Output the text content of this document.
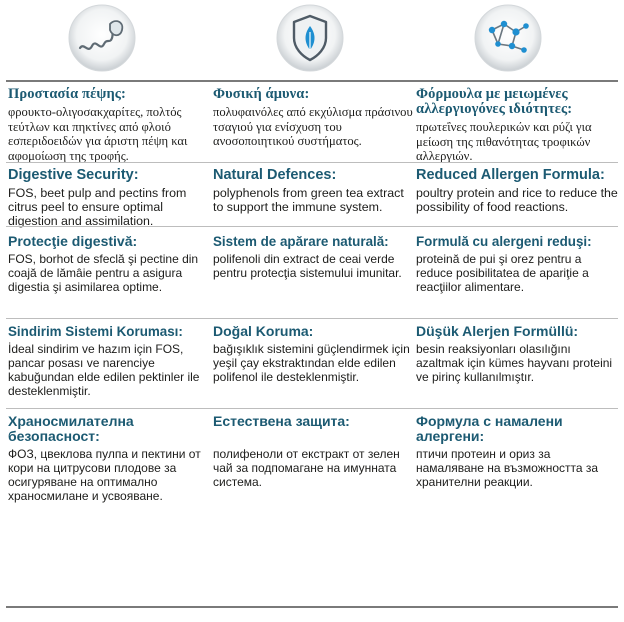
Προστασία πέψης:

φρουκτο-ολιγοσακχαρίτες, πολτός τεύτλων και πηκτίνες από φλοιό εσπεριδοειδών για άριστη πέψη και αφομοίωση της τροφής.

Φυσική άμυνα:

πολυφαινόλες από εκχύλισμα πράσινου τσαγιού για ενίσχυση του ανοσοποιητικού συστήματος.

Φόρμουλα με μειωμένες αλλεργιογόνες ιδιότητες:

πρωτεΐνες πουλερικών και ρύζι για μείωση της πιθανότητας τροφικών αλλεργιών.

Digestive Security:

FOS, beet pulp and pectins from citrus peel to ensure optimal digestion and assimilation.

Natural Defences:

polyphenols from green tea extract to support the immune system.

Reduced Allergen Formula:

poultry protein and rice to reduce the possibility of food reactions.

Protecţie digestivă:

FOS, borhot de sfeclă şi pectine din coajă de lămâie pentru a asigura digestia şi asimilarea optime.

Sistem de apărare naturală:

polifenoli din extract de ceai verde pentru protecţia sistemului imunitar.

Formulă cu alergeni reduşi:

proteină de pui şi orez pentru a reduce posibilitatea de apariţie a reacţiilor alimentare.

Sindirim Sistemi Koruması:

İdeal sindirim ve hazım için FOS, pancar posası ve narenciye kabuğundan elde edilen pektinler ile desteklenmiştir.

Doğal Koruma:

bağışıklık sistemini güçlendirmek için yeşil çay ekstraktından elde edilen polifenol ile desteklenmiştir.

Düşük Alerjen Formüllü:

besin reaksiyonları olasılığını azaltmak için kümes hayvanı proteini ve pirinç kullanılmıştır.

Храносмилателна безопасност:

ФОЗ, цвеклова пулпа и пектини от кори на цитрусови плодове за осигуряване на оптимално храносмилане и усвояване.

Естествена защита:

полифеноли от екстракт от зелен чай за подпомагане на имунната система.

Формула с намалени алергени:

птичи протеин и ориз за намаляване на възможността за хранителни реакции.
